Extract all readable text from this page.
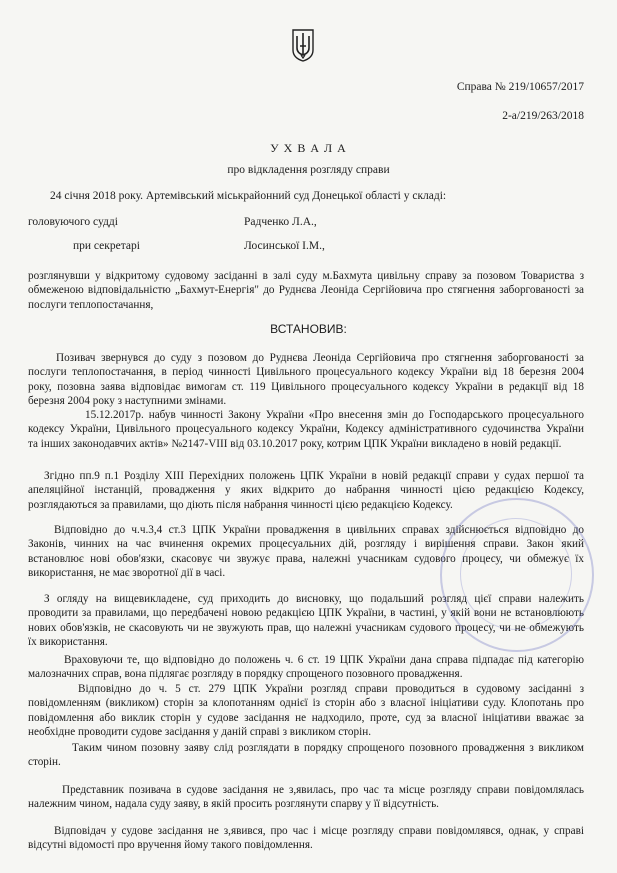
Справа № 219/10657/2017
2-а/219/263/2018
У Х В А Л А
про відкладення розгляду справи
24 січня 2018 року. Артемівський міськрайонний суд Донецької області у складі:
головуючого судді	Радченко Л.А.,
при секретарі	Лосинської І.М.,
розглянувши у відкритому судовому засіданні в залі суду м.Бахмута цивільну справу за позовом Товариства з
обмеженою відповідальністю „Бахмут-Енергія" до Руднєва Леоніда Сергійовича про стягнення заборгованості за
послуги теплопостачання,
ВСТАНОВИВ:
Позивач звернувся до суду з позовом до Руднєва Леоніда Сергійовича про стягнення заборгованості за
послуги теплопостачання, в період чинності Цивільного процесуального кодексу України від 18 березня 2004
року, позовна заява відповідає вимогам ст. 119 Цивільного процесуального кодексу України в редакції від 18
березня 2004 року з наступними змінами.
15.12.2017р. набув чинності Закону України «Про внесення змін до Господарського процесуального
кодексу України, Цивільного процесуального кодексу України, Кодексу адміністративного судочинства України
та інших законодавчих актів» №2147-VIII від 03.10.2017 року, котрим ЦПК України викладено в новій редакції.
Згідно пп.9 п.1 Розділу XIII Перехідних положень ЦПК України в новій редакції справи у судах першої та
апеляційної інстанцій, провадження у яких відкрито до набрання чинності цією редакцією Кодексу,
розглядаються за правилами, що діють після набрання чинності цією редакцією Кодексу.
Відповідно до ч.ч.3,4 ст.3 ЦПК України провадження в цивільних справах здійснюється відповідно до
Законів, чинних на час вчинення окремих процесуальних дій, розгляду і вирішення справи. Закон який
встановлює нові обов'язки, скасовує чи звужує права, належні учасникам судового процесу, чи обмежує їх
використання, не має зворотної дії в часі.
З огляду на вищевикладене, суд приходить до висновку, що подальший розгляд цієї справи належить
проводити за правилами, що передбачені новою редакцією ЦПК України, в частині, у якій вони не встановлюють
нових обов'язків, не скасовують чи не звужують прав, що належні учасникам судового процесу, чи не обмежують
їх використання.
Враховуючи те, що відповідно до положень ч. 6 ст. 19 ЦПК України дана справа підпадає під категорію
малозначних справ, вона підлягає розгляду в порядку спрощеного позовного провадження.
Відповідно до ч. 5 ст. 279 ЦПК України розгляд справи проводиться в судовому засіданні з
повідомленням (викликом) сторін за клопотанням однієї із сторін або з власної ініціативи суду. Клопотань про
повідомлення або виклик сторін у судове засідання не надходило, проте, суд за власної ініціативи вважає за
необхідне проводити судове засідання у даній справі з викликом сторін.
Таким чином позовну заяву слід розглядати в порядку спрощеного позовного провадження з викликом
сторін.
Представник позивача в судове засідання не з,явилась, про час та місце розгляду справи повідомлялась
належним чином, надала суду заяву, в якій просить розглянути спарву у її відсутність.
Відповідач у судове засідання не з,явився, про час і місце розгляду справи повідомлявся, однак, у справі
відсутні відомості про вручення йому такого повідомлення.
